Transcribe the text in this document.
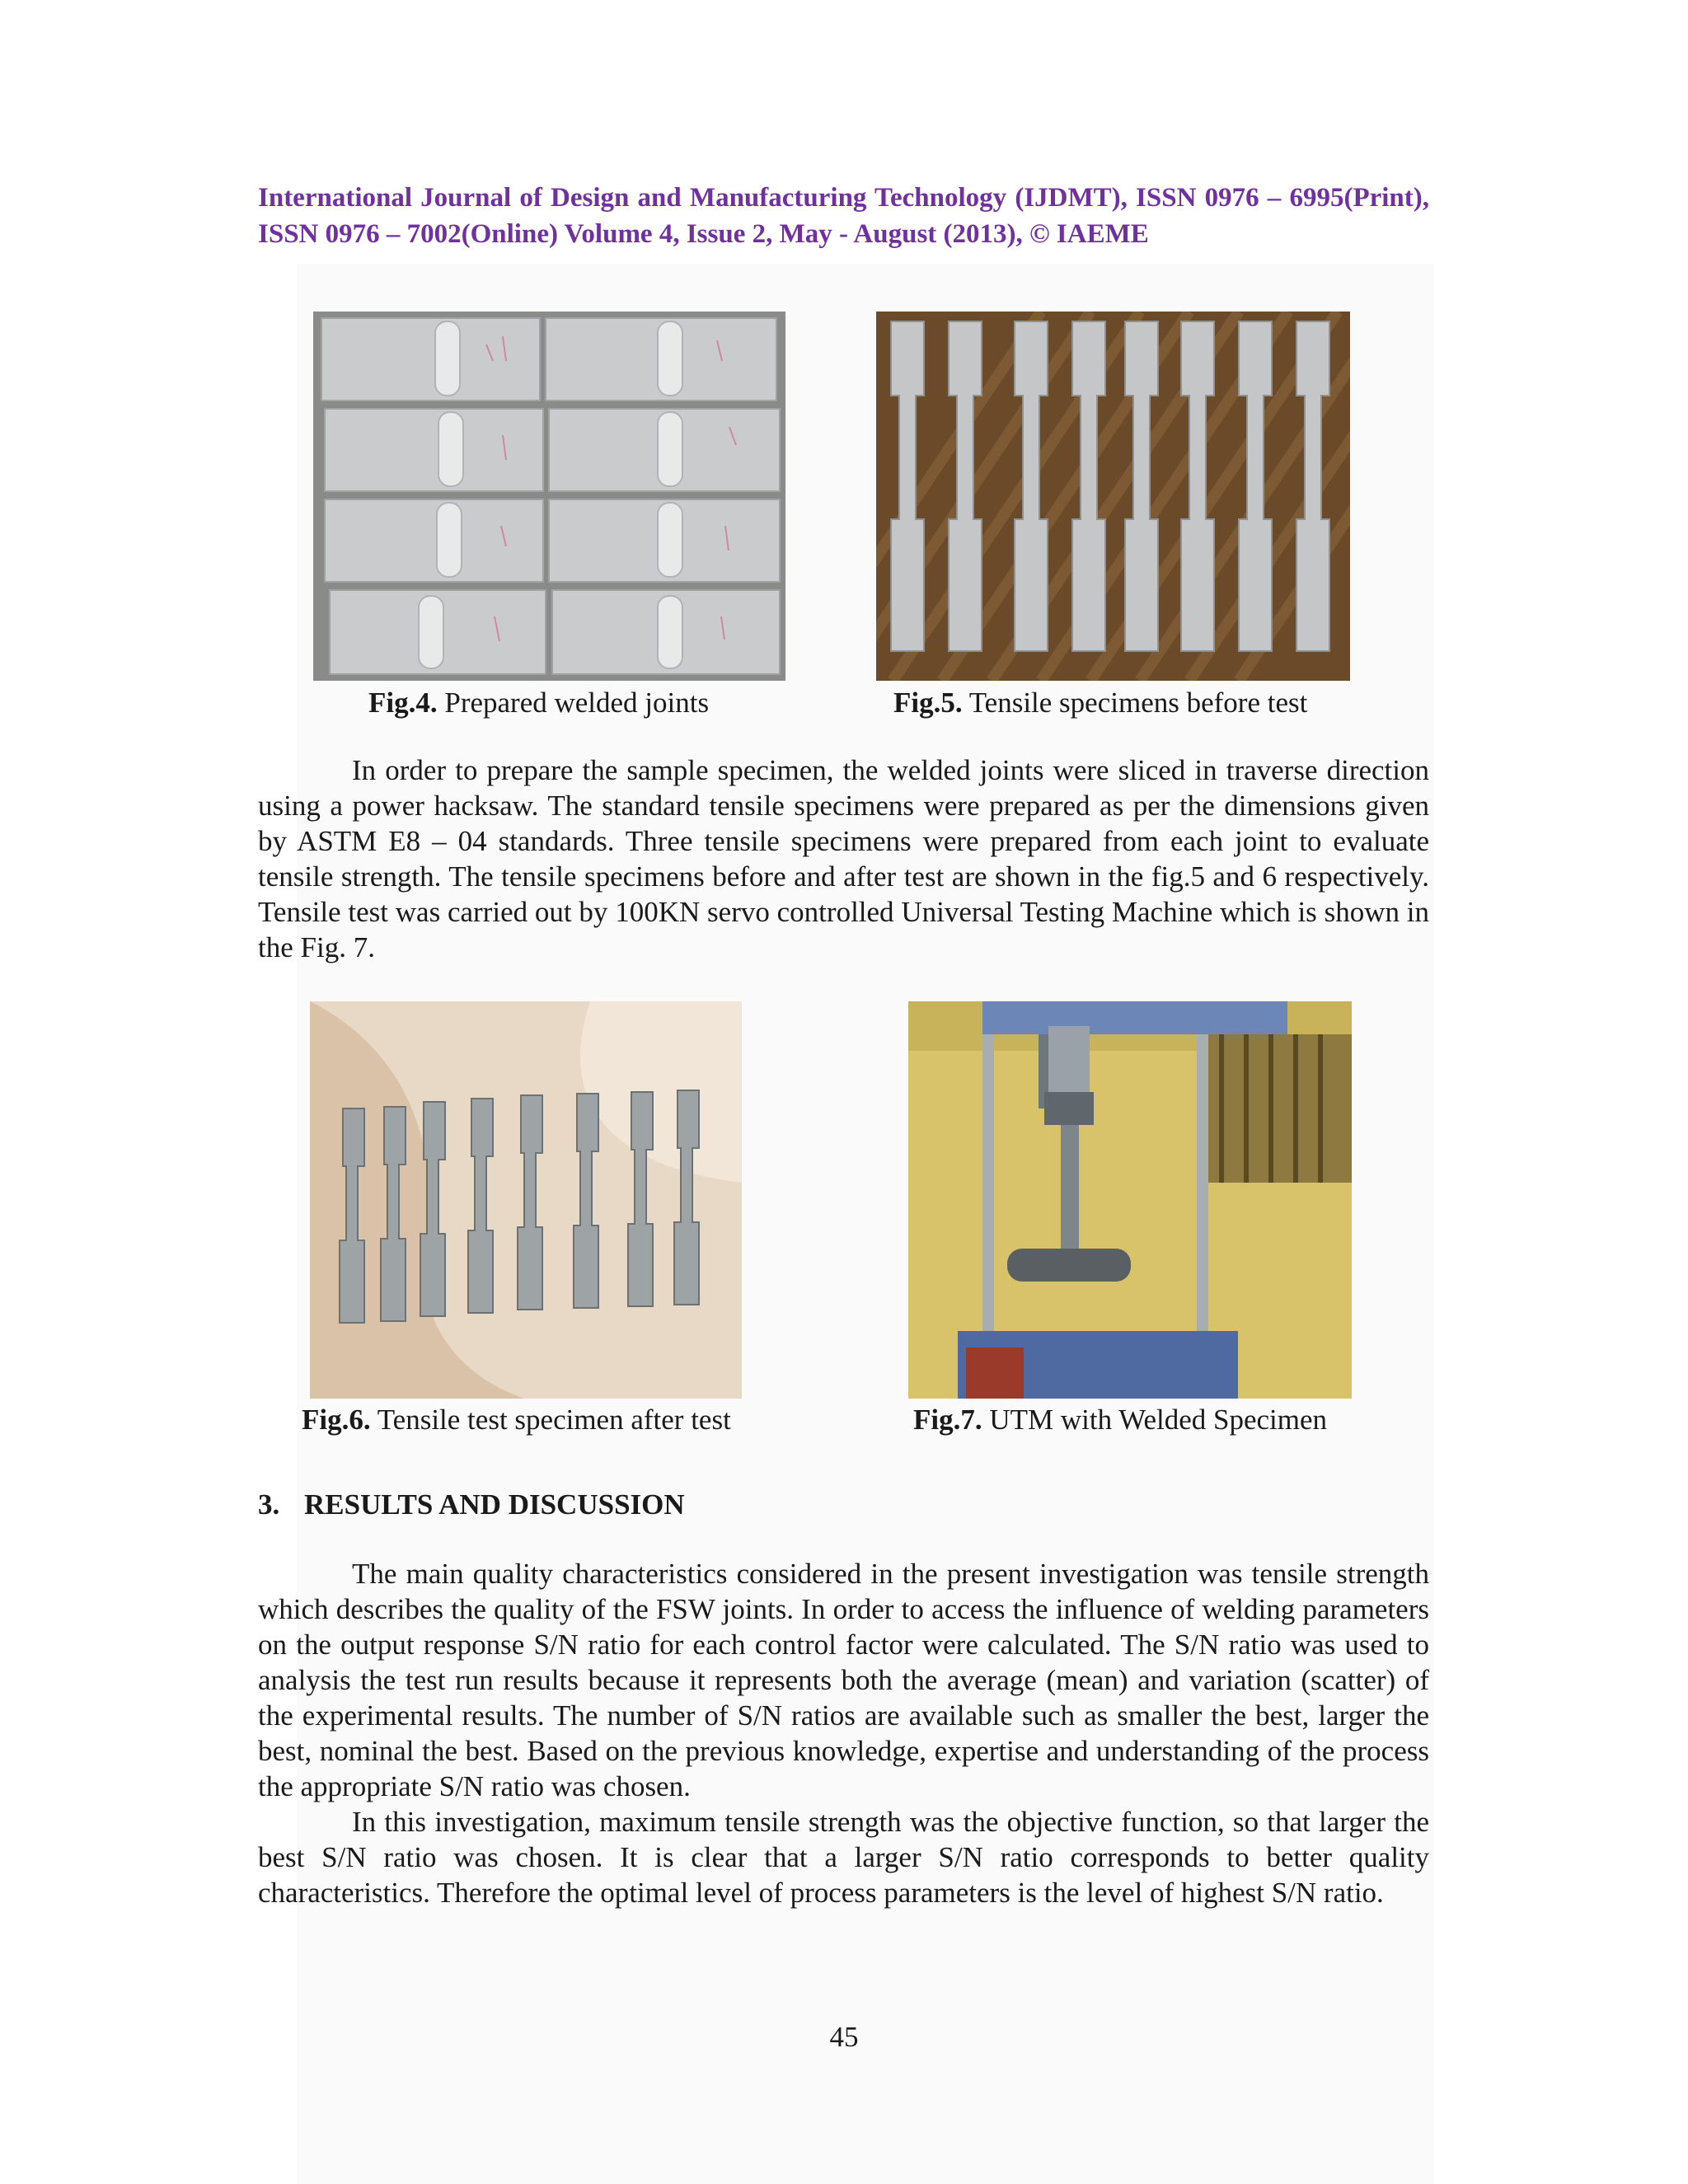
International Journal of Design and Manufacturing Technology (IJDMT), ISSN 0976 – 6995(Print), ISSN 0976 – 7002(Online) Volume 4, Issue 2, May - August (2013), © IAEME
Fig.4. Prepared welded joints	Fig.5. Tensile specimens before test
In order to prepare the sample specimen, the welded joints were sliced in traverse direction using a power hacksaw. The standard tensile specimens were prepared as per the dimensions given by ASTM E8 – 04 standards. Three tensile specimens were prepared from each joint to evaluate tensile strength. The tensile specimens before and after test are shown in the fig.5 and 6 respectively. Tensile test was carried out by 100KN servo controlled Universal Testing Machine which is shown in the Fig. 7.
Fig.6. Tensile test specimen after test	Fig.7. UTM with Welded Specimen
3. RESULTS AND DISCUSSION
The main quality characteristics considered in the present investigation was tensile strength which describes the quality of the FSW joints. In order to access the influence of welding parameters on the output response S/N ratio for each control factor were calculated. The S/N ratio was used to analysis the test run results because it represents both the average (mean) and variation (scatter) of the experimental results. The number of S/N ratios are available such as smaller the best, larger the best, nominal the best. Based on the previous knowledge, expertise and understanding of the process the appropriate S/N ratio was chosen.
In this investigation, maximum tensile strength was the objective function, so that larger the best S/N ratio was chosen. It is clear that a larger S/N ratio corresponds to better quality characteristics. Therefore the optimal level of process parameters is the level of highest S/N ratio.
45
